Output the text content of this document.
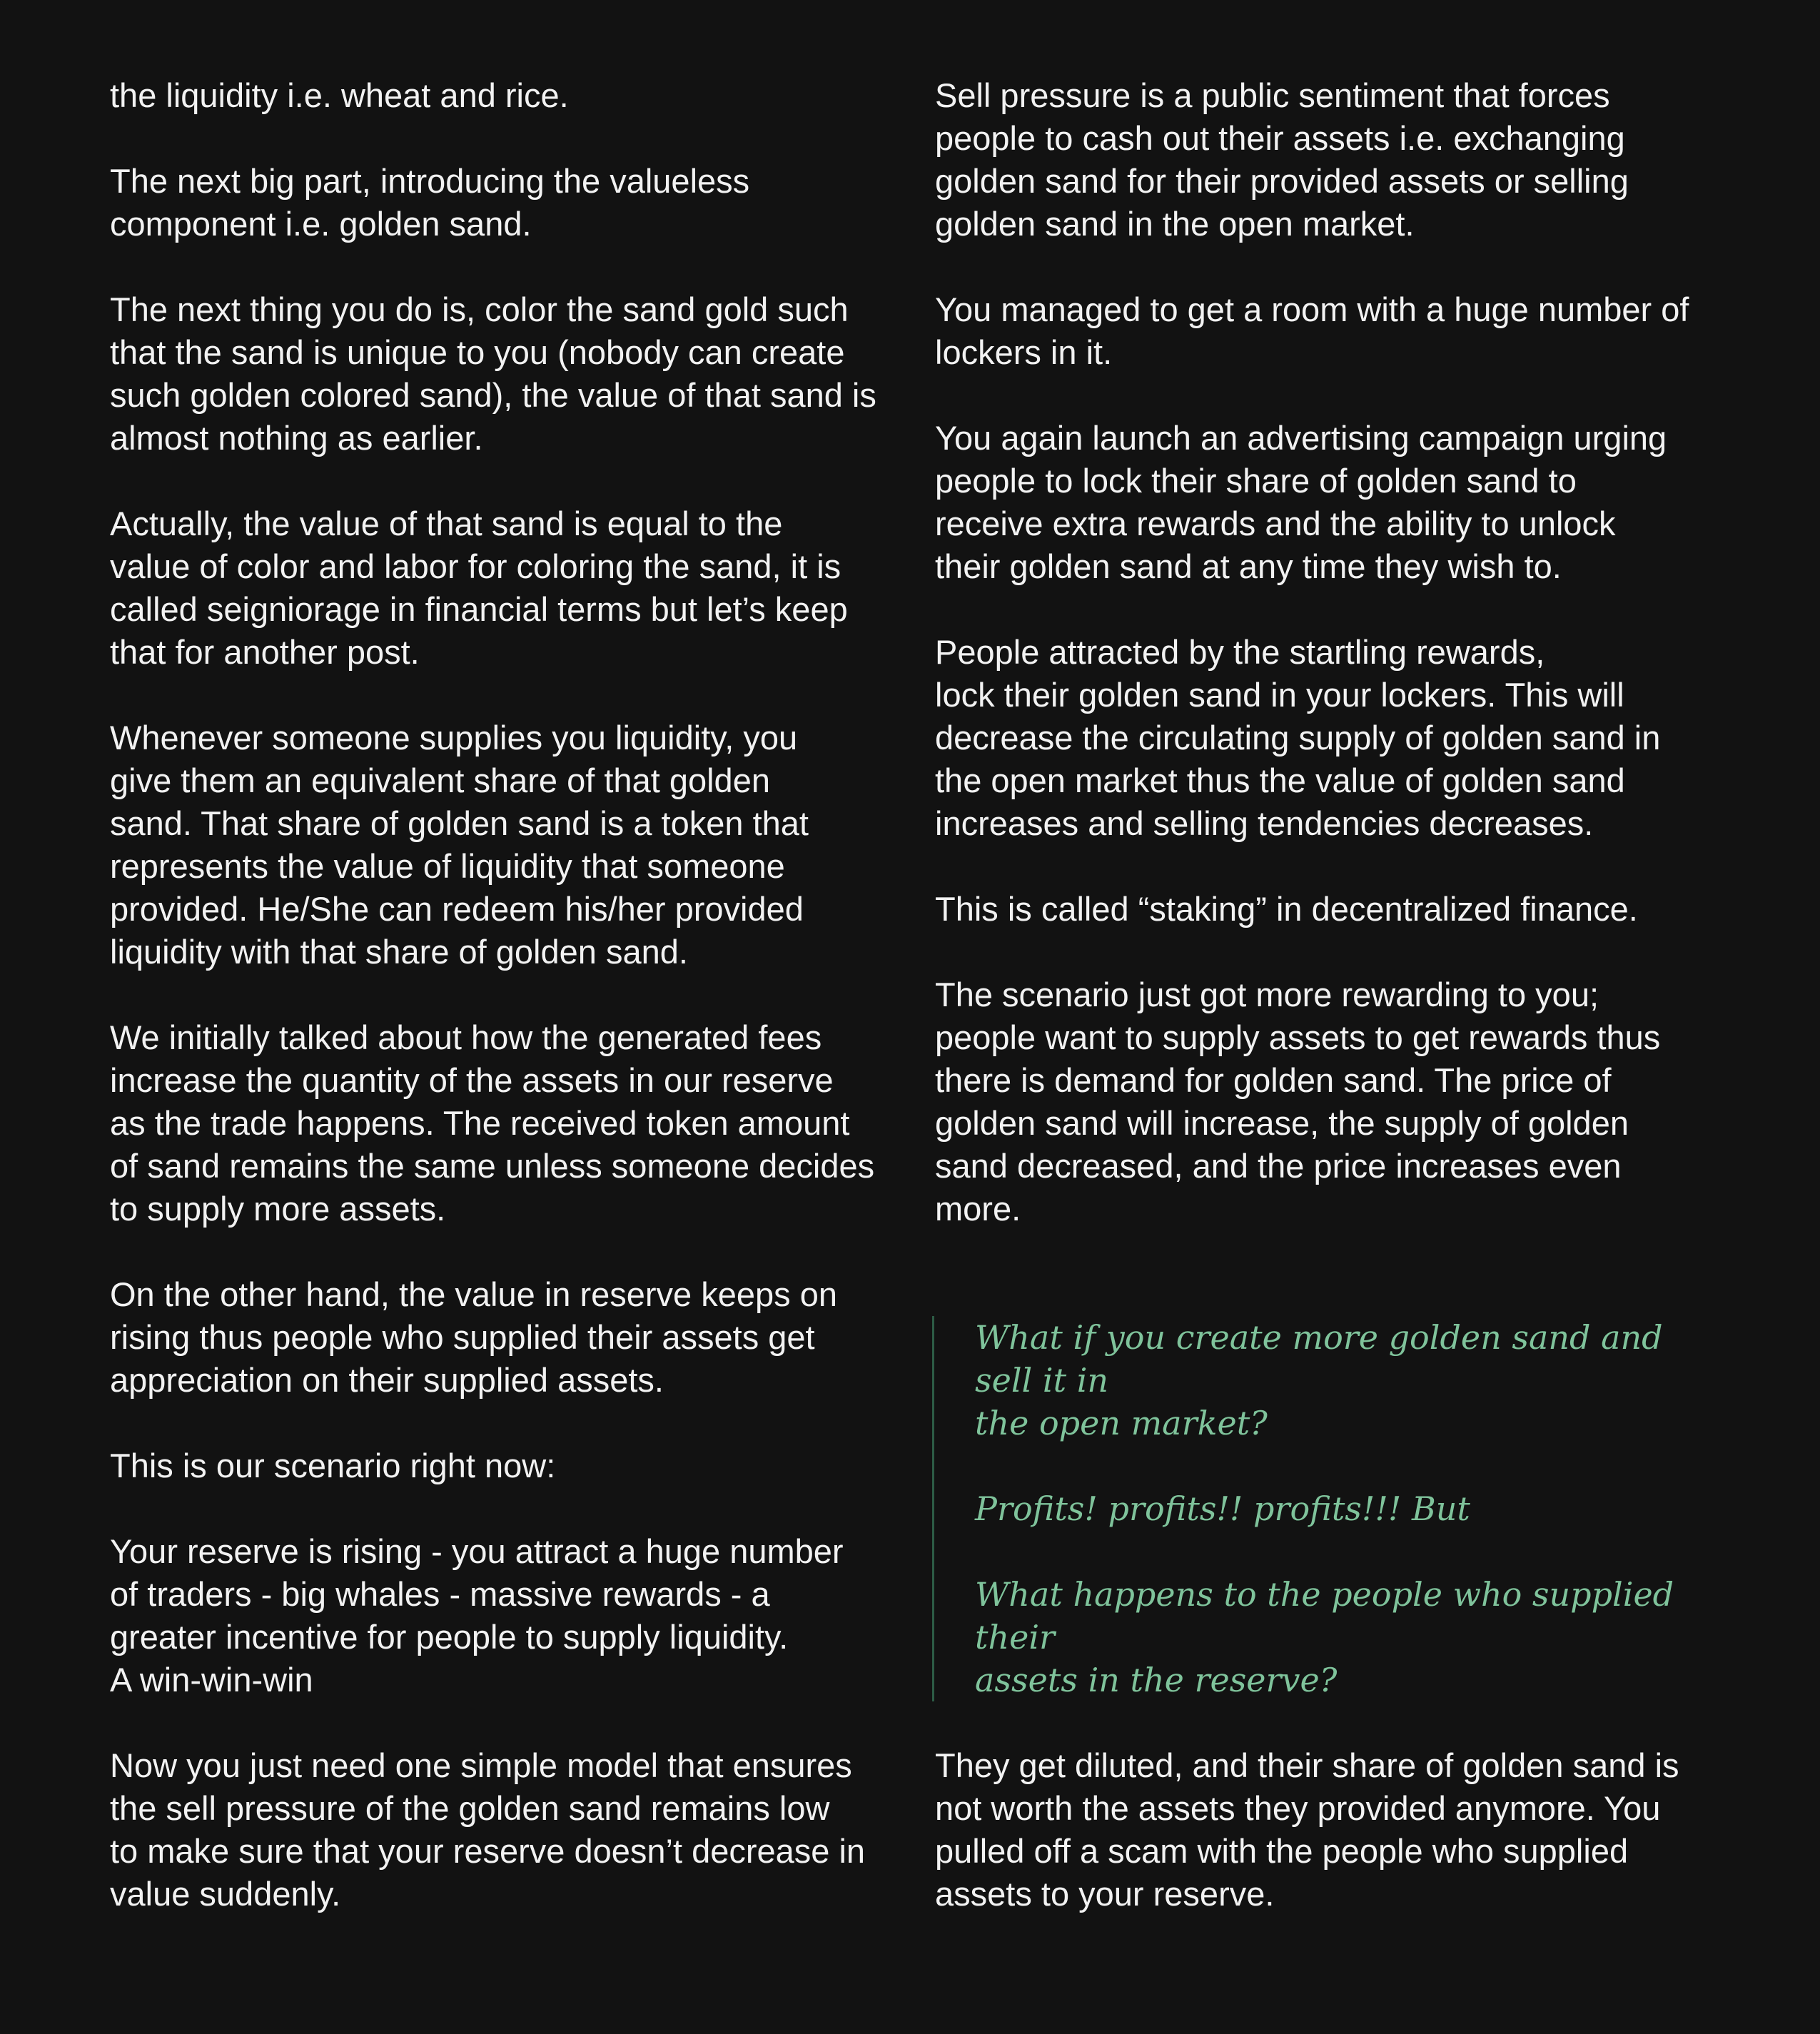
the liquidity i.e. wheat and rice.

The next big part, introducing the valueless
component i.e. golden sand.

The next thing you do is, color the sand gold such
that the sand is unique to you (nobody can create
such golden colored sand), the value of that sand is
almost nothing as earlier.

Actually, the value of that sand is equal to the
value of color and labor for coloring the sand, it is
called seigniorage in financial terms but let’s keep
that for another post.

Whenever someone supplies you liquidity, you
give them an equivalent share of that golden
sand. That share of golden sand is a token that
represents the value of liquidity that someone
provided. He/She can redeem his/her provided
liquidity with that share of golden sand.

We initially talked about how the generated fees
increase the quantity of the assets in our reserve
as the trade happens. The received token amount
of sand remains the same unless someone decides
to supply more assets.

On the other hand, the value in reserve keeps on
rising thus people who supplied their assets get
appreciation on their supplied assets.

This is our scenario right now:

Your reserve is rising - you attract a huge number
of traders - big whales - massive rewards - a
greater incentive for people to supply liquidity.
A win-win-win

Now you just need one simple model that ensures
the sell pressure of the golden sand remains low
to make sure that your reserve doesn’t decrease in
value suddenly.

Sell pressure is a public sentiment that forces
people to cash out their assets i.e. exchanging
golden sand for their provided assets or selling
golden sand in the open market.

You managed to get a room with a huge number of
lockers in it.

You again launch an advertising campaign urging
people to lock their share of golden sand to
receive extra rewards and the ability to unlock
their golden sand at any time they wish to.

People attracted by the startling rewards,
lock their golden sand in your lockers. This will
decrease the circulating supply of golden sand in
the open market thus the value of golden sand
increases and selling tendencies decreases.

This is called “staking” in decentralized finance.

The scenario just got more rewarding to you;
people want to supply assets to get rewards thus
there is demand for golden sand. The price of
golden sand will increase, the supply of golden
sand decreased, and the price increases even
more.

What if you create more golden sand and sell it in
the open market?

Profits! profits!! profits!!! But

What happens to the people who supplied their
assets in the reserve?

They get diluted, and their share of golden sand is
not worth the assets they provided anymore. You
pulled off a scam with the people who supplied
assets to your reserve.
